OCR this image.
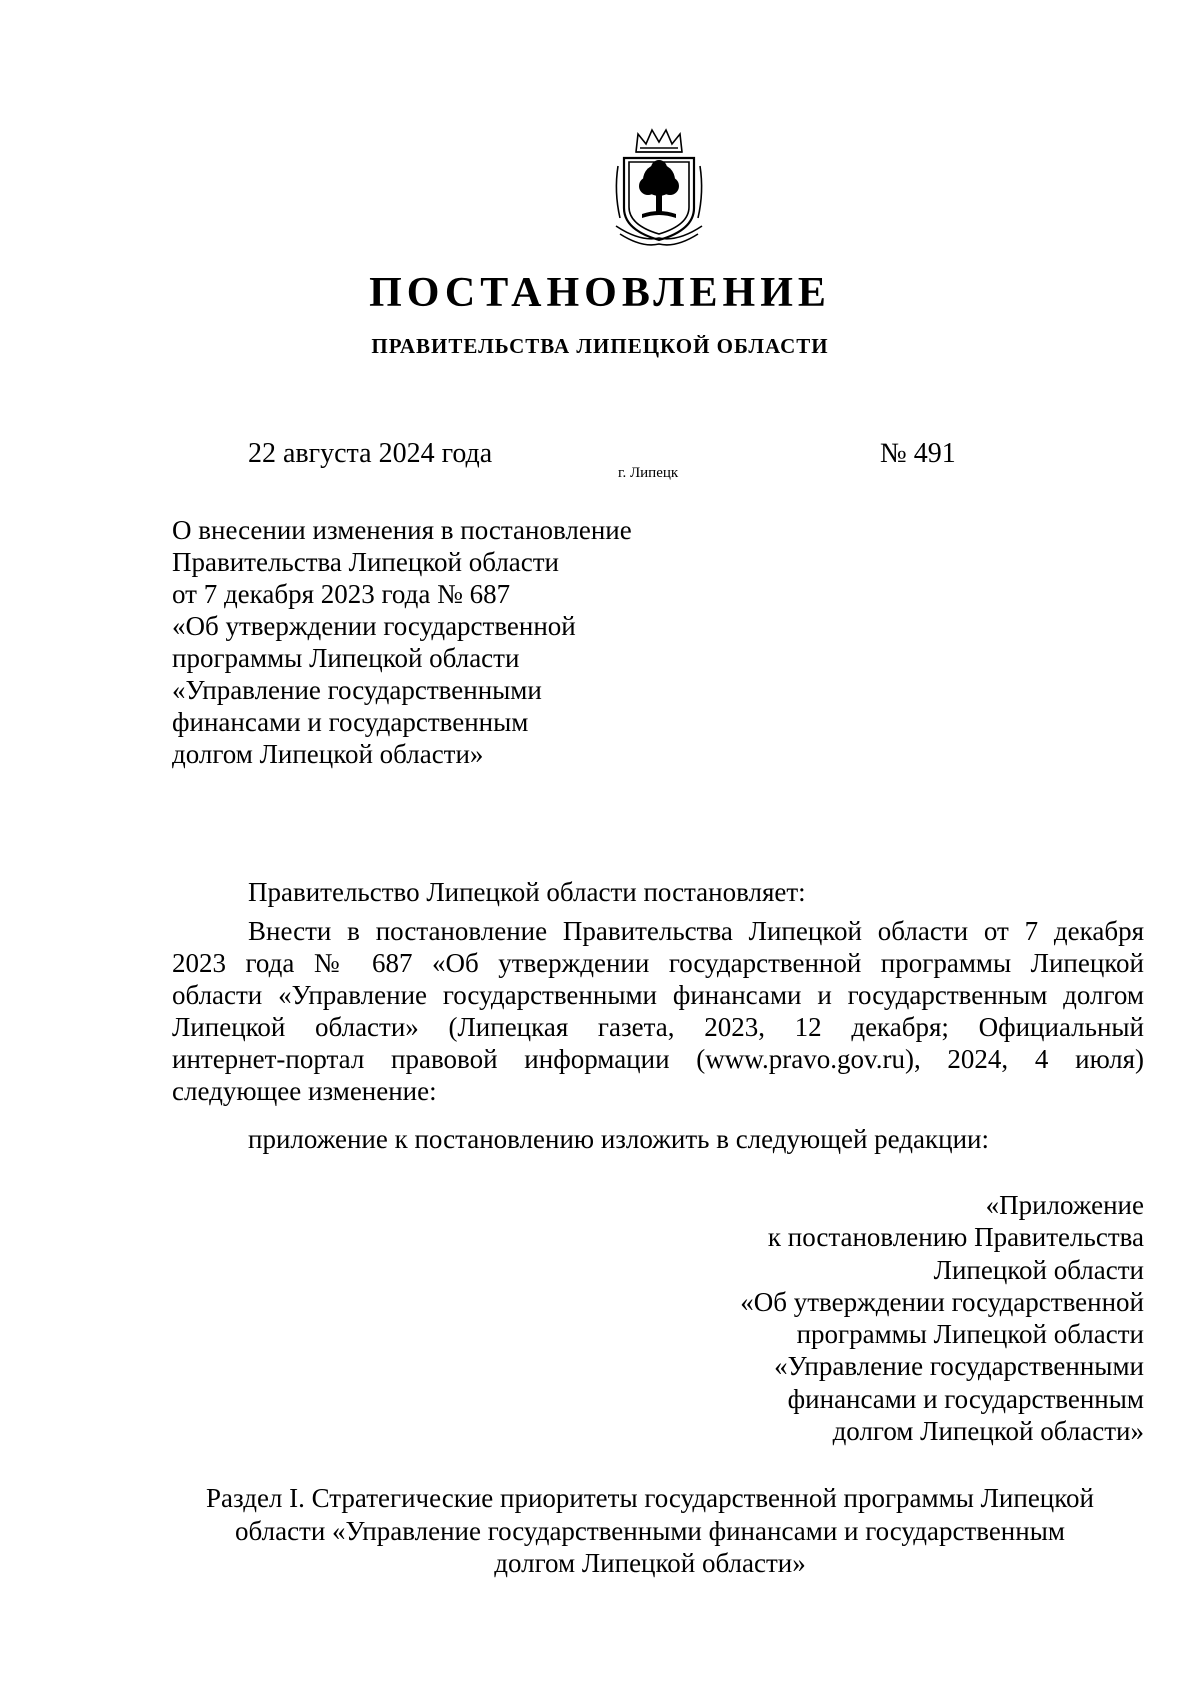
ПОСТАНОВЛЕНИЕ
ПРАВИТЕЛЬСТВА ЛИПЕЦКОЙ ОБЛАСТИ
22 августа 2024 года
г. Липецк
№ 491
О внесении изменения в постановление
Правительства Липецкой области
от 7 декабря 2023 года № 687
«Об утверждении государственной
программы Липецкой области
«Управление государственными
финансами и государственным
долгом Липецкой области»
Правительство Липецкой области постановляет:
Внести в постановление Правительства Липецкой области от 7 декабря
2023 года № 687 «Об утверждении государственной программы Липецкой
области «Управление государственными финансами и государственным долгом
Липецкой области» (Липецкая газета, 2023, 12 декабря; Официальный
интернет-портал правовой информации (www.pravo.gov.ru), 2024, 4 июля)
следующее изменение:
приложение к постановлению изложить в следующей редакции:
«Приложение
к постановлению Правительства
Липецкой области
«Об утверждении государственной
программы Липецкой области
«Управление государственными
финансами и государственным
долгом Липецкой области»
Раздел I. Стратегические приоритеты государственной программы Липецкой
области «Управление государственными финансами и государственным
долгом Липецкой области»
